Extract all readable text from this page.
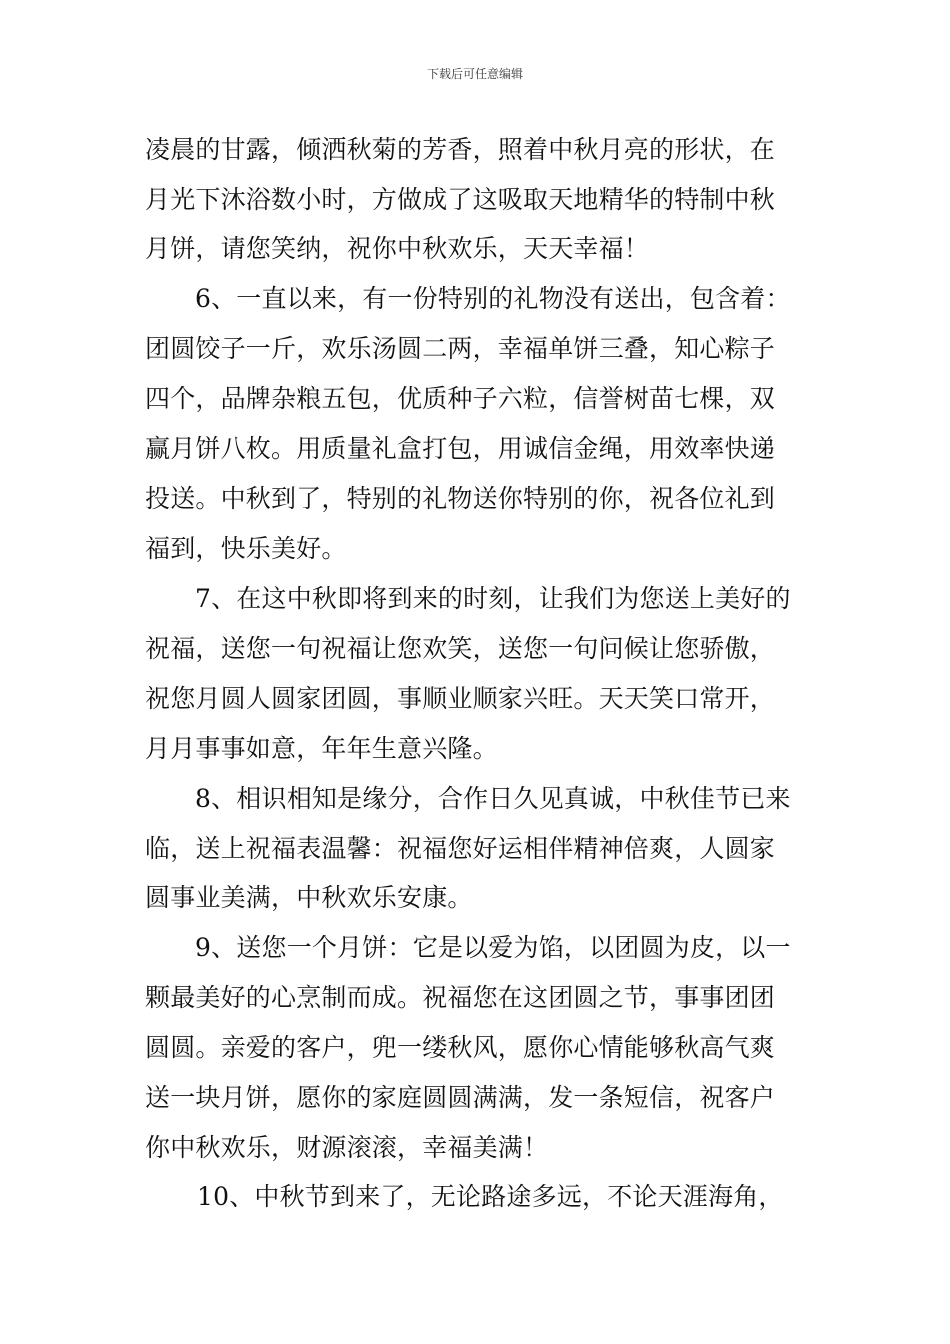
下载后可任意编辑
凌晨的甘露，倾洒秋菊的芳香，照着中秋月亮的形状，在
月光下沐浴数小时，方做成了这吸取天地精华的特制中秋
月饼，请您笑纳，祝你中秋欢乐，天天幸福！
6、一直以来，有一份特别的礼物没有送出，包含着：
团圆饺子一斤，欢乐汤圆二两，幸福单饼三叠，知心粽子
四个，品牌杂粮五包，优质种子六粒，信誉树苗七棵，双
赢月饼八枚。用质量礼盒打包，用诚信金绳，用效率快递
投送。中秋到了，特别的礼物送你特别的你，祝各位礼到
福到，快乐美好。
7、在这中秋即将到来的时刻，让我们为您送上美好的
祝福，送您一句祝福让您欢笑，送您一句问候让您骄傲，
祝您月圆人圆家团圆，事顺业顺家兴旺。天天笑口常开，
月月事事如意，年年生意兴隆。
8、相识相知是缘分，合作日久见真诚，中秋佳节已来
临，送上祝福表温馨：祝福您好运相伴精神倍爽，人圆家
圆事业美满，中秋欢乐安康。
9、送您一个月饼：它是以爱为馅，以团圆为皮，以一
颗最美好的心烹制而成。祝福您在这团圆之节，事事团团
圆圆。亲爱的客户，兜一缕秋风，愿你心情能够秋高气爽
送一块月饼，愿你的家庭圆圆满满，发一条短信，祝客户
你中秋欢乐，财源滚滚，幸福美满！
10、中秋节到来了，无论路途多远，不论天涯海角，
